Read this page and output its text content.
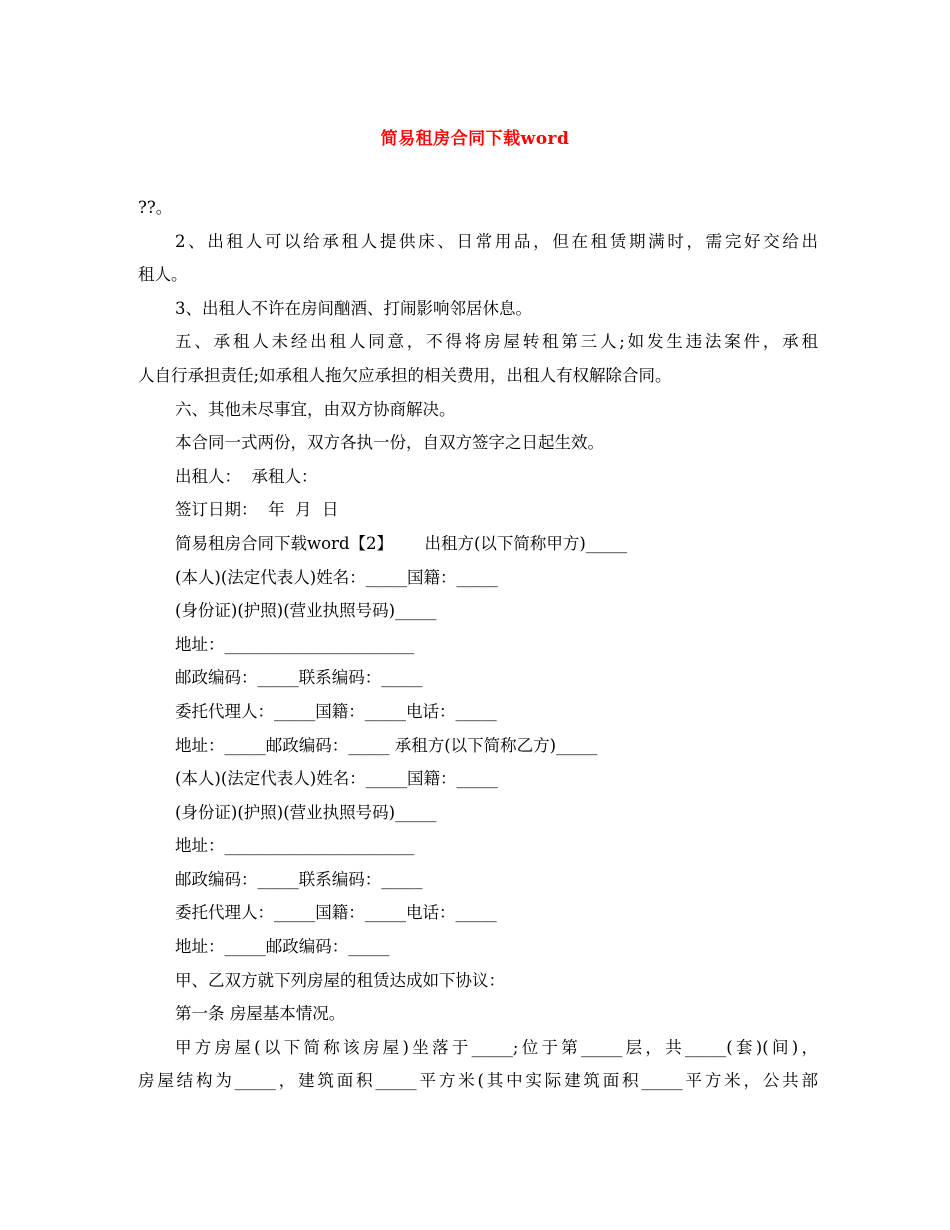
简易租房合同下载word

??。

2、出租人可以给承租人提供床、日常用品，但在租赁期满时，需完好交给出

租人。

3、出租人不许在房间酗酒、打闹影响邻居休息。

五、承租人未经出租人同意，不得将房屋转租第三人;如发生违法案件，承租

人自行承担责任;如承租人拖欠应承担的相关费用，出租人有权解除合同。

六、其他未尽事宜，由双方协商解决。

本合同一式两份，双方各执一份，自双方签字之日起生效。

出租人：  承租人：

签订日期：  年  月  日

简易租房合同下载word【2】      出租方(以下简称甲方)_____

(本人)(法定代表人)姓名：_____国籍：_____

(身份证)(护照)(营业执照号码)_____

地址：_______________________

邮政编码：_____联系编码：_____

委托代理人：_____国籍：_____电话：_____

地址：_____邮政编码：_____ 承租方(以下简称乙方)_____

(本人)(法定代表人)姓名：_____国籍：_____

(身份证)(护照)(营业执照号码)_____

地址：_______________________

邮政编码：_____联系编码：_____

委托代理人：_____国籍：_____电话：_____

地址：_____邮政编码：_____

甲、乙双方就下列房屋的租赁达成如下协议：

第一条 房屋基本情况。

甲方房屋(以下简称该房屋)坐落于_____;位于第_____层，共_____(套)(间)，

房屋结构为_____，建筑面积_____平方米(其中实际建筑面积_____平方米，公共部
